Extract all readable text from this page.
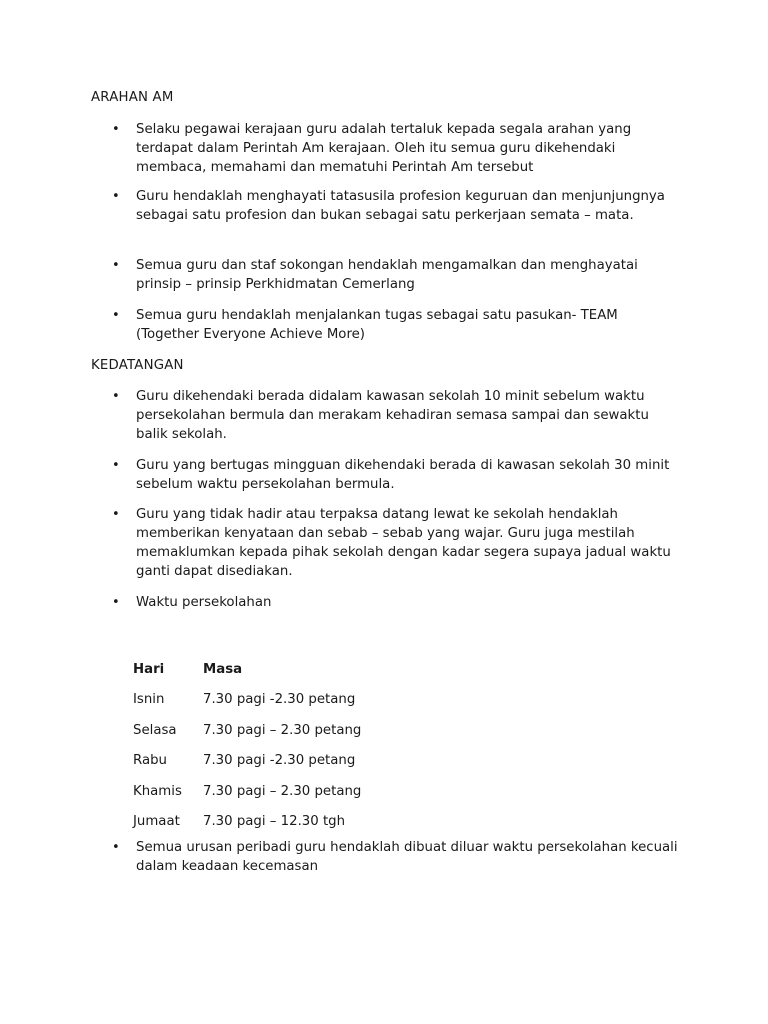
ARAHAN AM
•	Selaku pegawai kerajaan guru adalah tertaluk kepada segala arahan yang terdapat dalam Perintah Am kerajaan. Oleh itu semua guru dikehendaki membaca, memahami dan mematuhi Perintah Am tersebut
•	Guru hendaklah menghayati tatasusila profesion keguruan dan menjunjungnya sebagai satu profesion dan bukan sebagai satu perkerjaan semata – mata.
•	Semua guru dan staf sokongan hendaklah mengamalkan dan menghayatai prinsip – prinsip Perkhidmatan Cemerlang
•	Semua guru hendaklah menjalankan tugas sebagai satu pasukan- TEAM (Together Everyone Achieve More)
KEDATANGAN
•	Guru dikehendaki berada didalam kawasan sekolah 10 minit sebelum waktu persekolahan bermula dan merakam kehadiran semasa sampai dan sewaktu balik sekolah.
•	Guru yang bertugas mingguan dikehendaki berada di kawasan sekolah 30 minit sebelum waktu persekolahan bermula.
•	Guru yang tidak hadir atau terpaksa datang lewat ke sekolah hendaklah memberikan kenyataan dan sebab – sebab yang wajar. Guru juga mestilah memaklumkan kepada pihak sekolah dengan kadar segera supaya jadual waktu ganti dapat disediakan.
•	Waktu persekolahan
Hari	Masa
Isnin	7.30 pagi -2.30 petang
Selasa	7.30 pagi – 2.30 petang
Rabu	7.30 pagi -2.30 petang
Khamis	7.30 pagi – 2.30 petang
Jumaat	7.30 pagi – 12.30 tgh
•	Semua urusan peribadi guru hendaklah dibuat diluar waktu persekolahan kecuali dalam keadaan kecemasan
